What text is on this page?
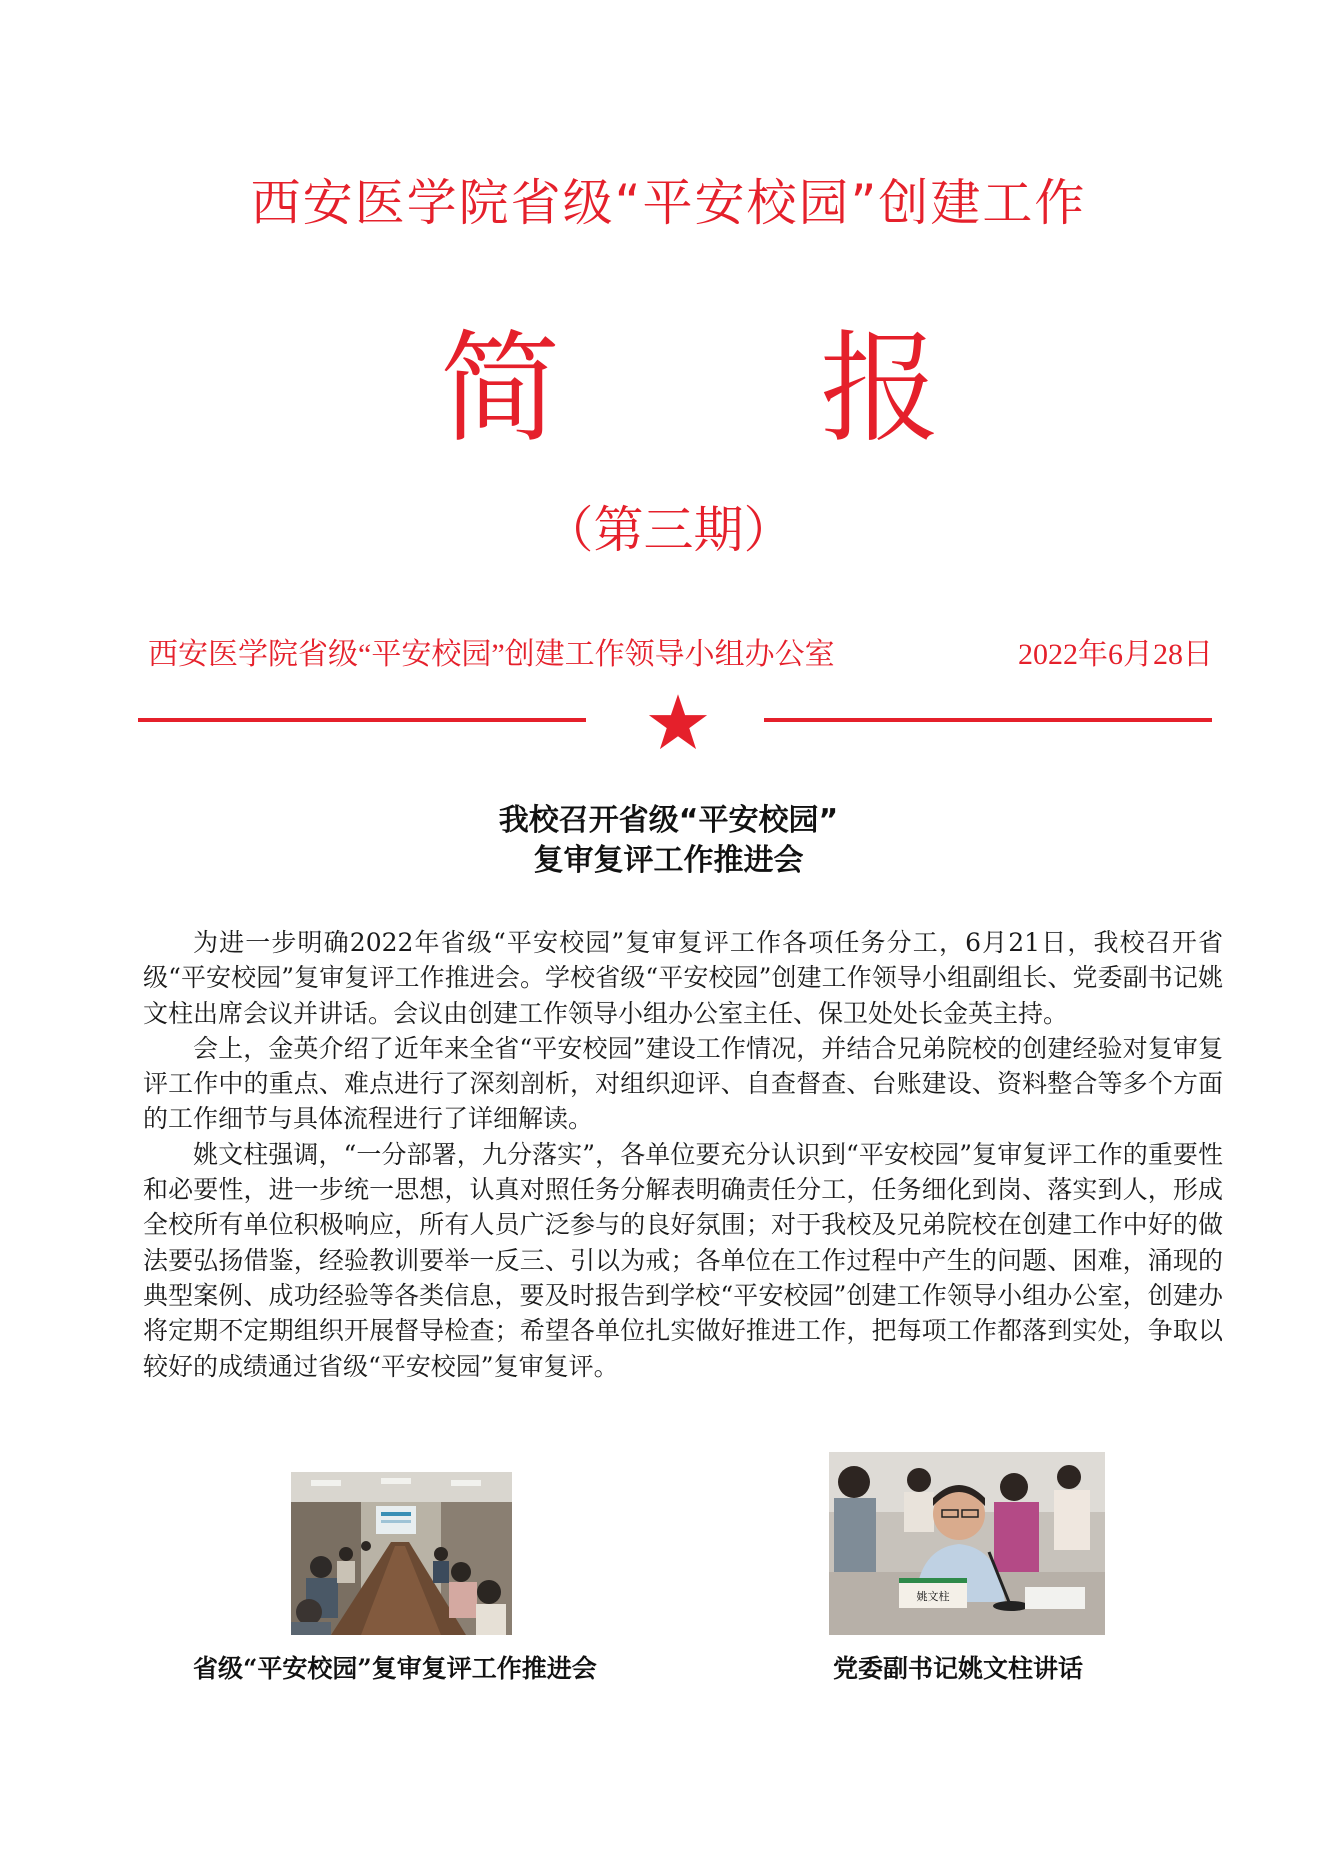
西安医学院省级“平安校园”创建工作
简 报
（第三期）
西安医学院省级“平安校园”创建工作领导小组办公室	2022年6月28日
我校召开省级“平安校园”
复审复评工作推进会

为进一步明确2022年省级“平安校园”复审复评工作各项任务分工，6月21日，我校召开省级“平安校园”复审复评工作推进会。学校省级“平安校园”创建工作领导小组副组长、党委副书记姚文柱出席会议并讲话。会议由创建工作领导小组办公室主任、保卫处处长金英主持。

会上，金英介绍了近年来全省“平安校园”建设工作情况，并结合兄弟院校的创建经验对复审复评工作中的重点、难点进行了深刻剖析，对组织迎评、自查督查、台账建设、资料整合等多个方面的工作细节与具体流程进行了详细解读。

姚文柱强调，“一分部署，九分落实”，各单位要充分认识到“平安校园”复审复评工作的重要性和必要性，进一步统一思想，认真对照任务分解表明确责任分工，任务细化到岗、落实到人，形成全校所有单位积极响应，所有人员广泛参与的良好氛围；对于我校及兄弟院校在创建工作中好的做法要弘扬借鉴，经验教训要举一反三、引以为戒；各单位在工作过程中产生的问题、困难，涌现的典型案例、成功经验等各类信息，要及时报告到学校“平安校园”创建工作领导小组办公室，创建办将定期不定期组织开展督导检查；希望各单位扎实做好推进工作，把每项工作都落到实处，争取以较好的成绩通过省级“平安校园”复审复评。

省级“平安校园”复审复评工作推进会
姚文柱
党委副书记姚文柱讲话
